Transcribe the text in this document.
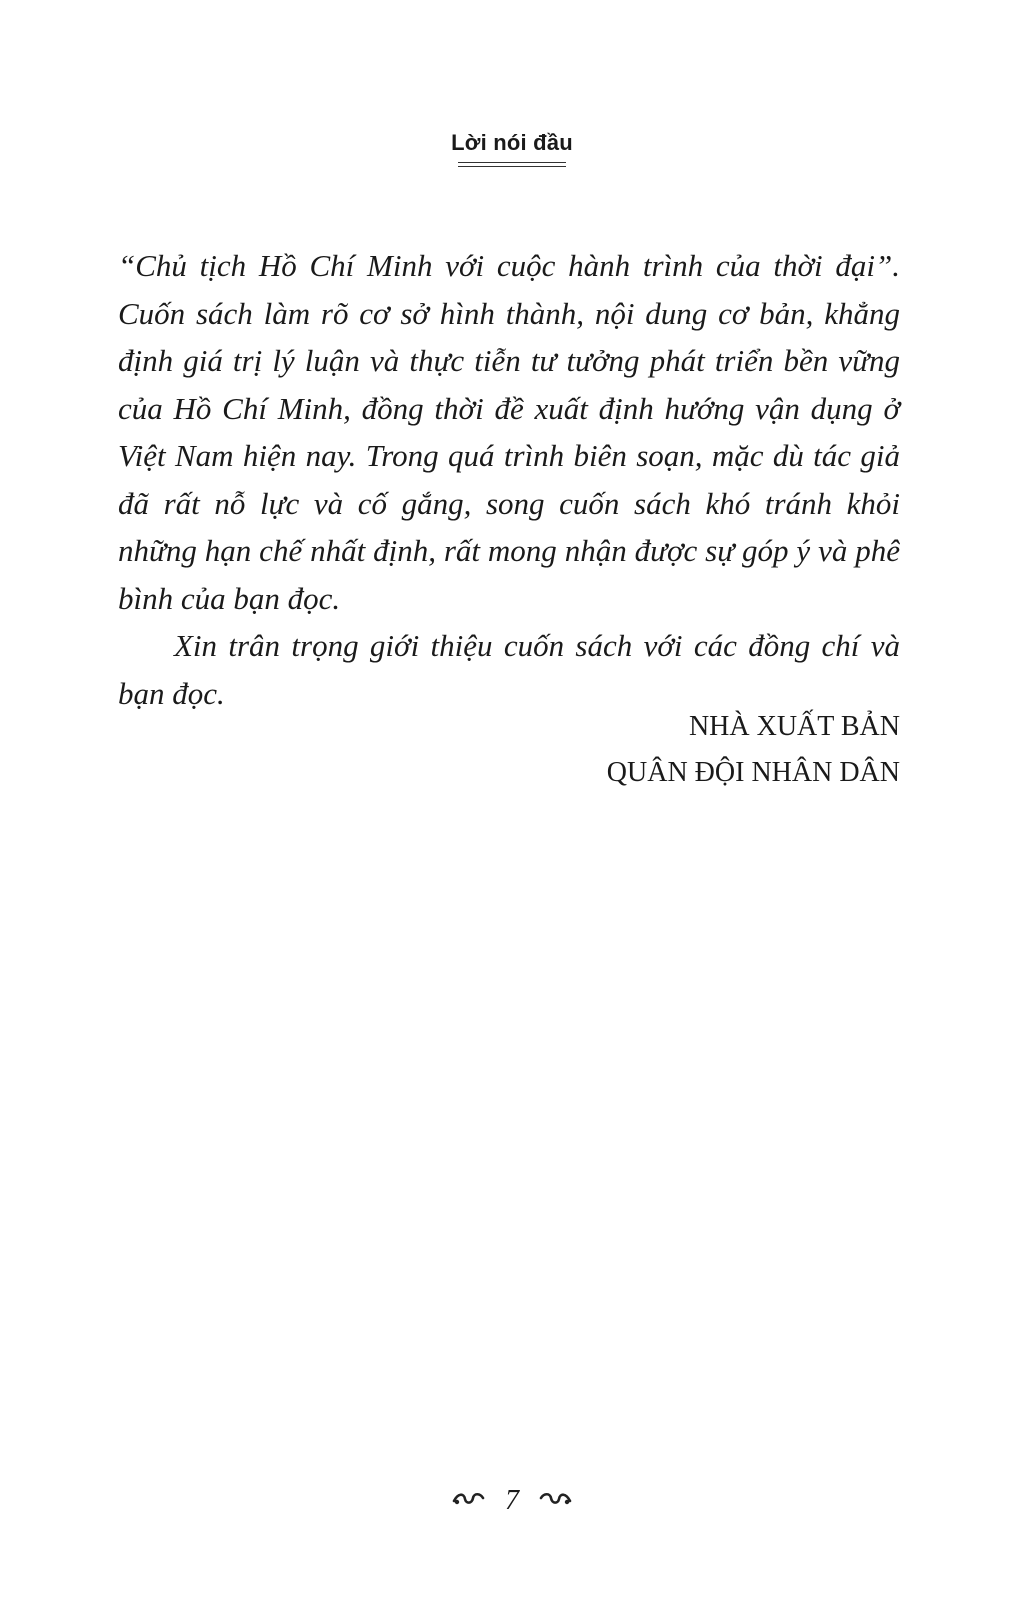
Lời nói đầu

“Chủ tịch Hồ Chí Minh với cuộc hành trình của thời đại”. Cuốn sách làm rõ cơ sở hình thành, nội dung cơ bản, khẳng định giá trị lý luận và thực tiễn tư tưởng phát triển bền vững của Hồ Chí Minh, đồng thời đề xuất định hướng vận dụng ở Việt Nam hiện nay. Trong quá trình biên soạn, mặc dù tác giả đã rất nỗ lực và cố gắng, song cuốn sách khó tránh khỏi những hạn chế nhất định, rất mong nhận được sự góp ý và phê bình của bạn đọc.

Xin trân trọng giới thiệu cuốn sách với các đồng chí và bạn đọc.

NHÀ XUẤT BẢN
QUÂN ĐỘI NHÂN DÂN
7
